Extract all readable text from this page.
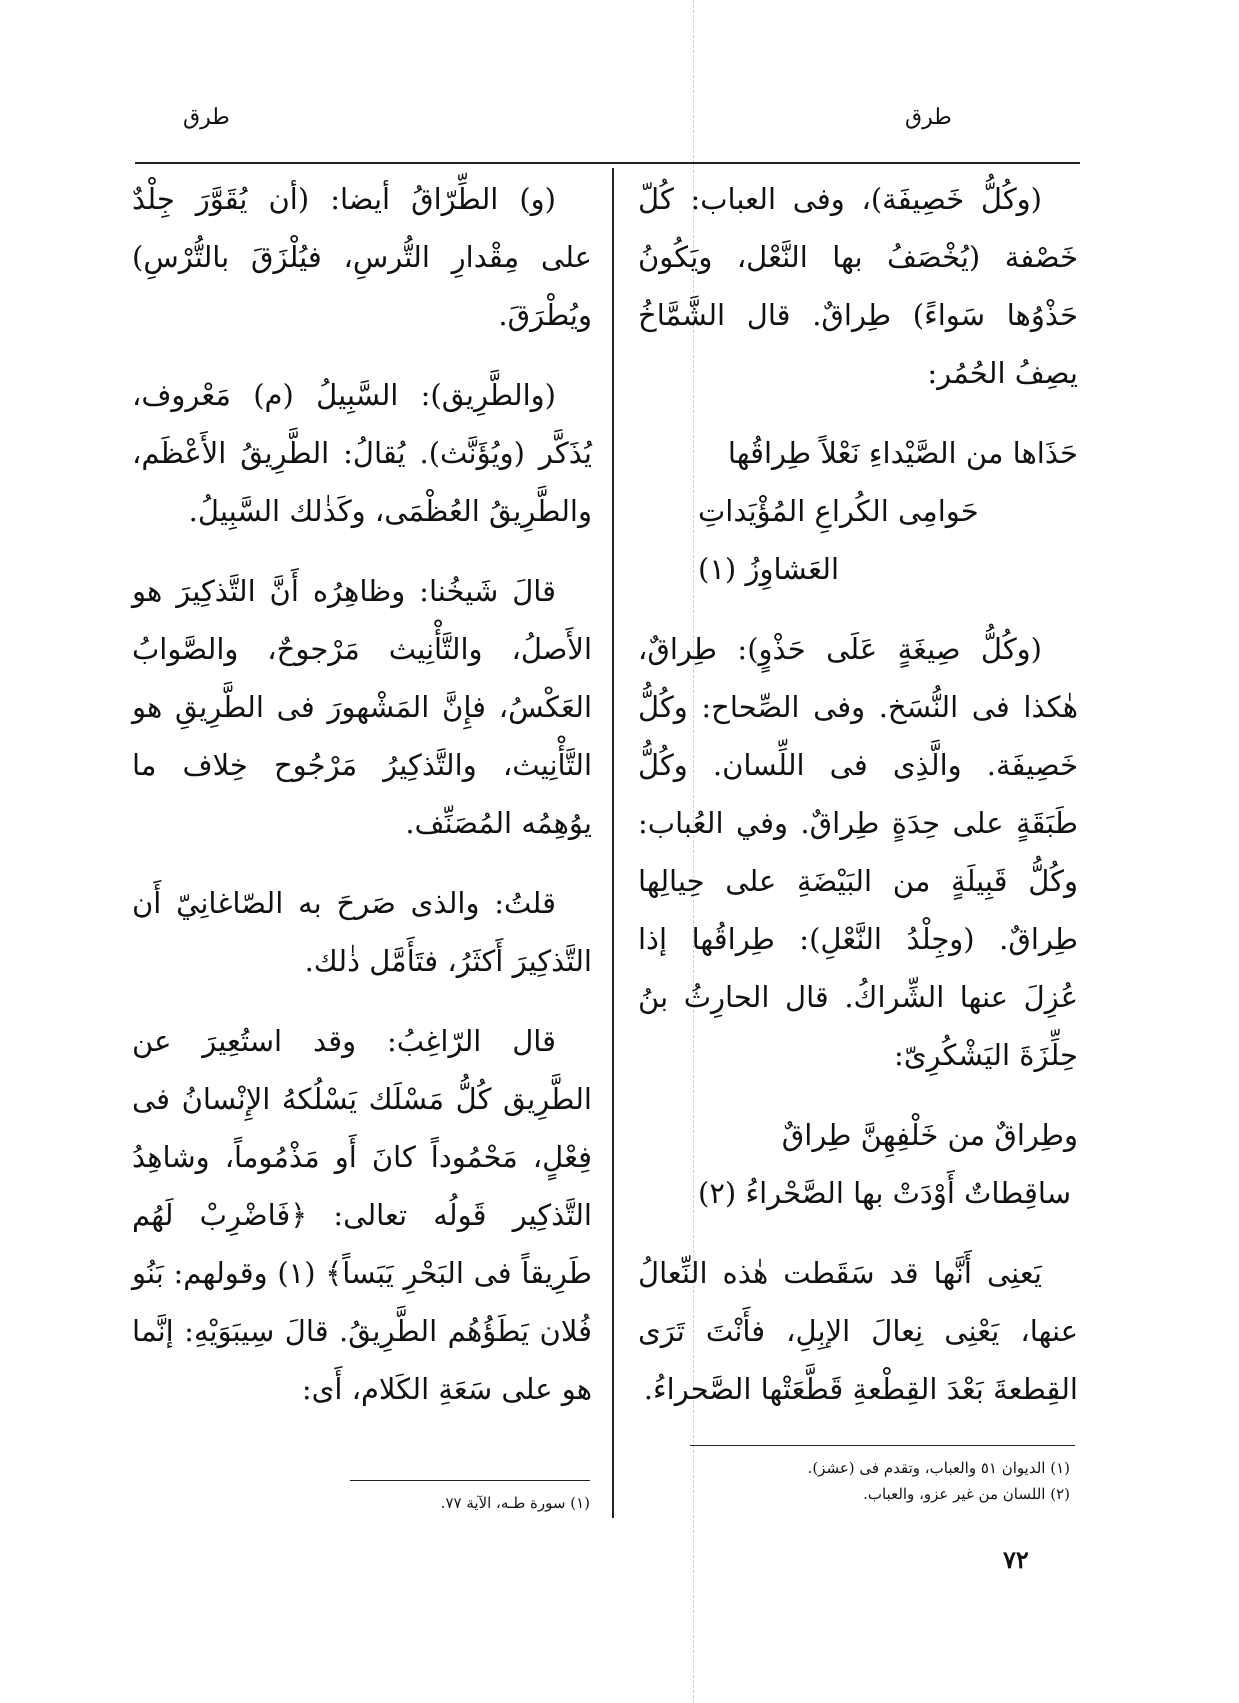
طرق	طرق

(وكُلُّ خَصِيفَة)، وفى العباب: كُلّ خَصْفة (يُخْصَفُ بها النَّعْل، ويَكُونُ حَذْوُها سَواءً) طِراقٌ. قال الشَّمَّاخُ يصِفُ الحُمُر:

حَذَاها من الصَّيْداءِ نَعْلاً طِراقُها

حَوامِى الكُراعِ المُؤْيَداتِ العَشاوِزُ (١)

(وكُلُّ صِيغَةٍ عَلَى حَذْوٍ): طِراقٌ، هٰكذا فى النُّسَخ. وفى الصِّحاح: وكُلُّ خَصِيفَة. والَّذِى فى اللِّسان. وكُلُّ طَبَقَةٍ على حِدَةٍ طِراقٌ. وفي العُباب: وكُلُّ قَبِيلَةٍ من البَيْضَةِ على حِيالِها طِراقٌ. (وجِلْدُ النَّعْلِ): طِراقُها إذا عُزِلَ عنها الشِّراكُ. قال الحارِثُ بنُ حِلِّزَةَ اليَشْكُرِىّ:

وطِراقٌ من خَلْفِهِنَّ طِراقٌ

ساقِطاتٌ أَوْدَتْ بها الصَّحْراءُ (٢)

يَعنِى أَنَّها قد سَقَطت هٰذه النِّعالُ عنها، يَعْنِى نِعالَ الإبِلِ، فأَنْتَ تَرَى القِطعةَ بَعْدَ القِطْعةِ قَطَّعَتْها الصَّحراءُ.

(١) الديوان ٥١ والعباب، وتقدم فى (عشز).
(٢) اللسان من غير عزو، والعباب.

(و) الطِّرّاقُ أيضا: (أن يُقَوَّرَ جِلْدٌ على مِقْدارِ التُّرسِ، فيُلْزَقَ بالتُّرْسِ) ويُطْرَقَ.

(والطَّرِيق): السَّبِيلُ (م) مَعْروف، يُذَكَّر (ويُؤَنَّث). يُقالُ: الطَّرِيقُ الأَعْظَم، والطَّرِيقُ العُظْمَى، وكَذٰلك السَّبِيلُ.

قالَ شَيخُنا: وظاهِرُه أَنَّ التَّذكِيرَ هو الأَصلُ، والتَّأْنِيث مَرْجوحٌ، والصَّوابُ العَكْسُ، فإِنَّ المَشْهورَ فى الطَّرِيقِ هو التَّأْنِيث، والتَّذكِيرُ مَرْجُوح خِلاف ما يوُهِمُه المُصَنِّف.

قلتُ: والذى صَرحَ به الصّاغانِيّ أَن التَّذكِيرَ أَكثَرُ، فتَأَمَّل ذٰلك.

قال الرّاغِبُ: وقد استُعِيرَ عن الطَّرِيق كُلُّ مَسْلَك يَسْلُكهُ الإِنْسانُ فى فِعْلٍ، مَحْمُوداً كانَ أَو مَذْمُوماً، وشاهِدُ التَّذكِير قَولُه تعالى: ﴿فَاضْرِبْ لَهُم طَرِيقاً فى البَحْرِ يَبَساً﴾ (١) وقولهم: بَنُو فُلان يَطَؤُهُم الطَّرِيقُ. قالَ سِيبَوَيْهِ: إنَّما هو على سَعَةِ الكَلام، أَى:

(١) سورة طـه، الآية ٧٧.
٧٢
